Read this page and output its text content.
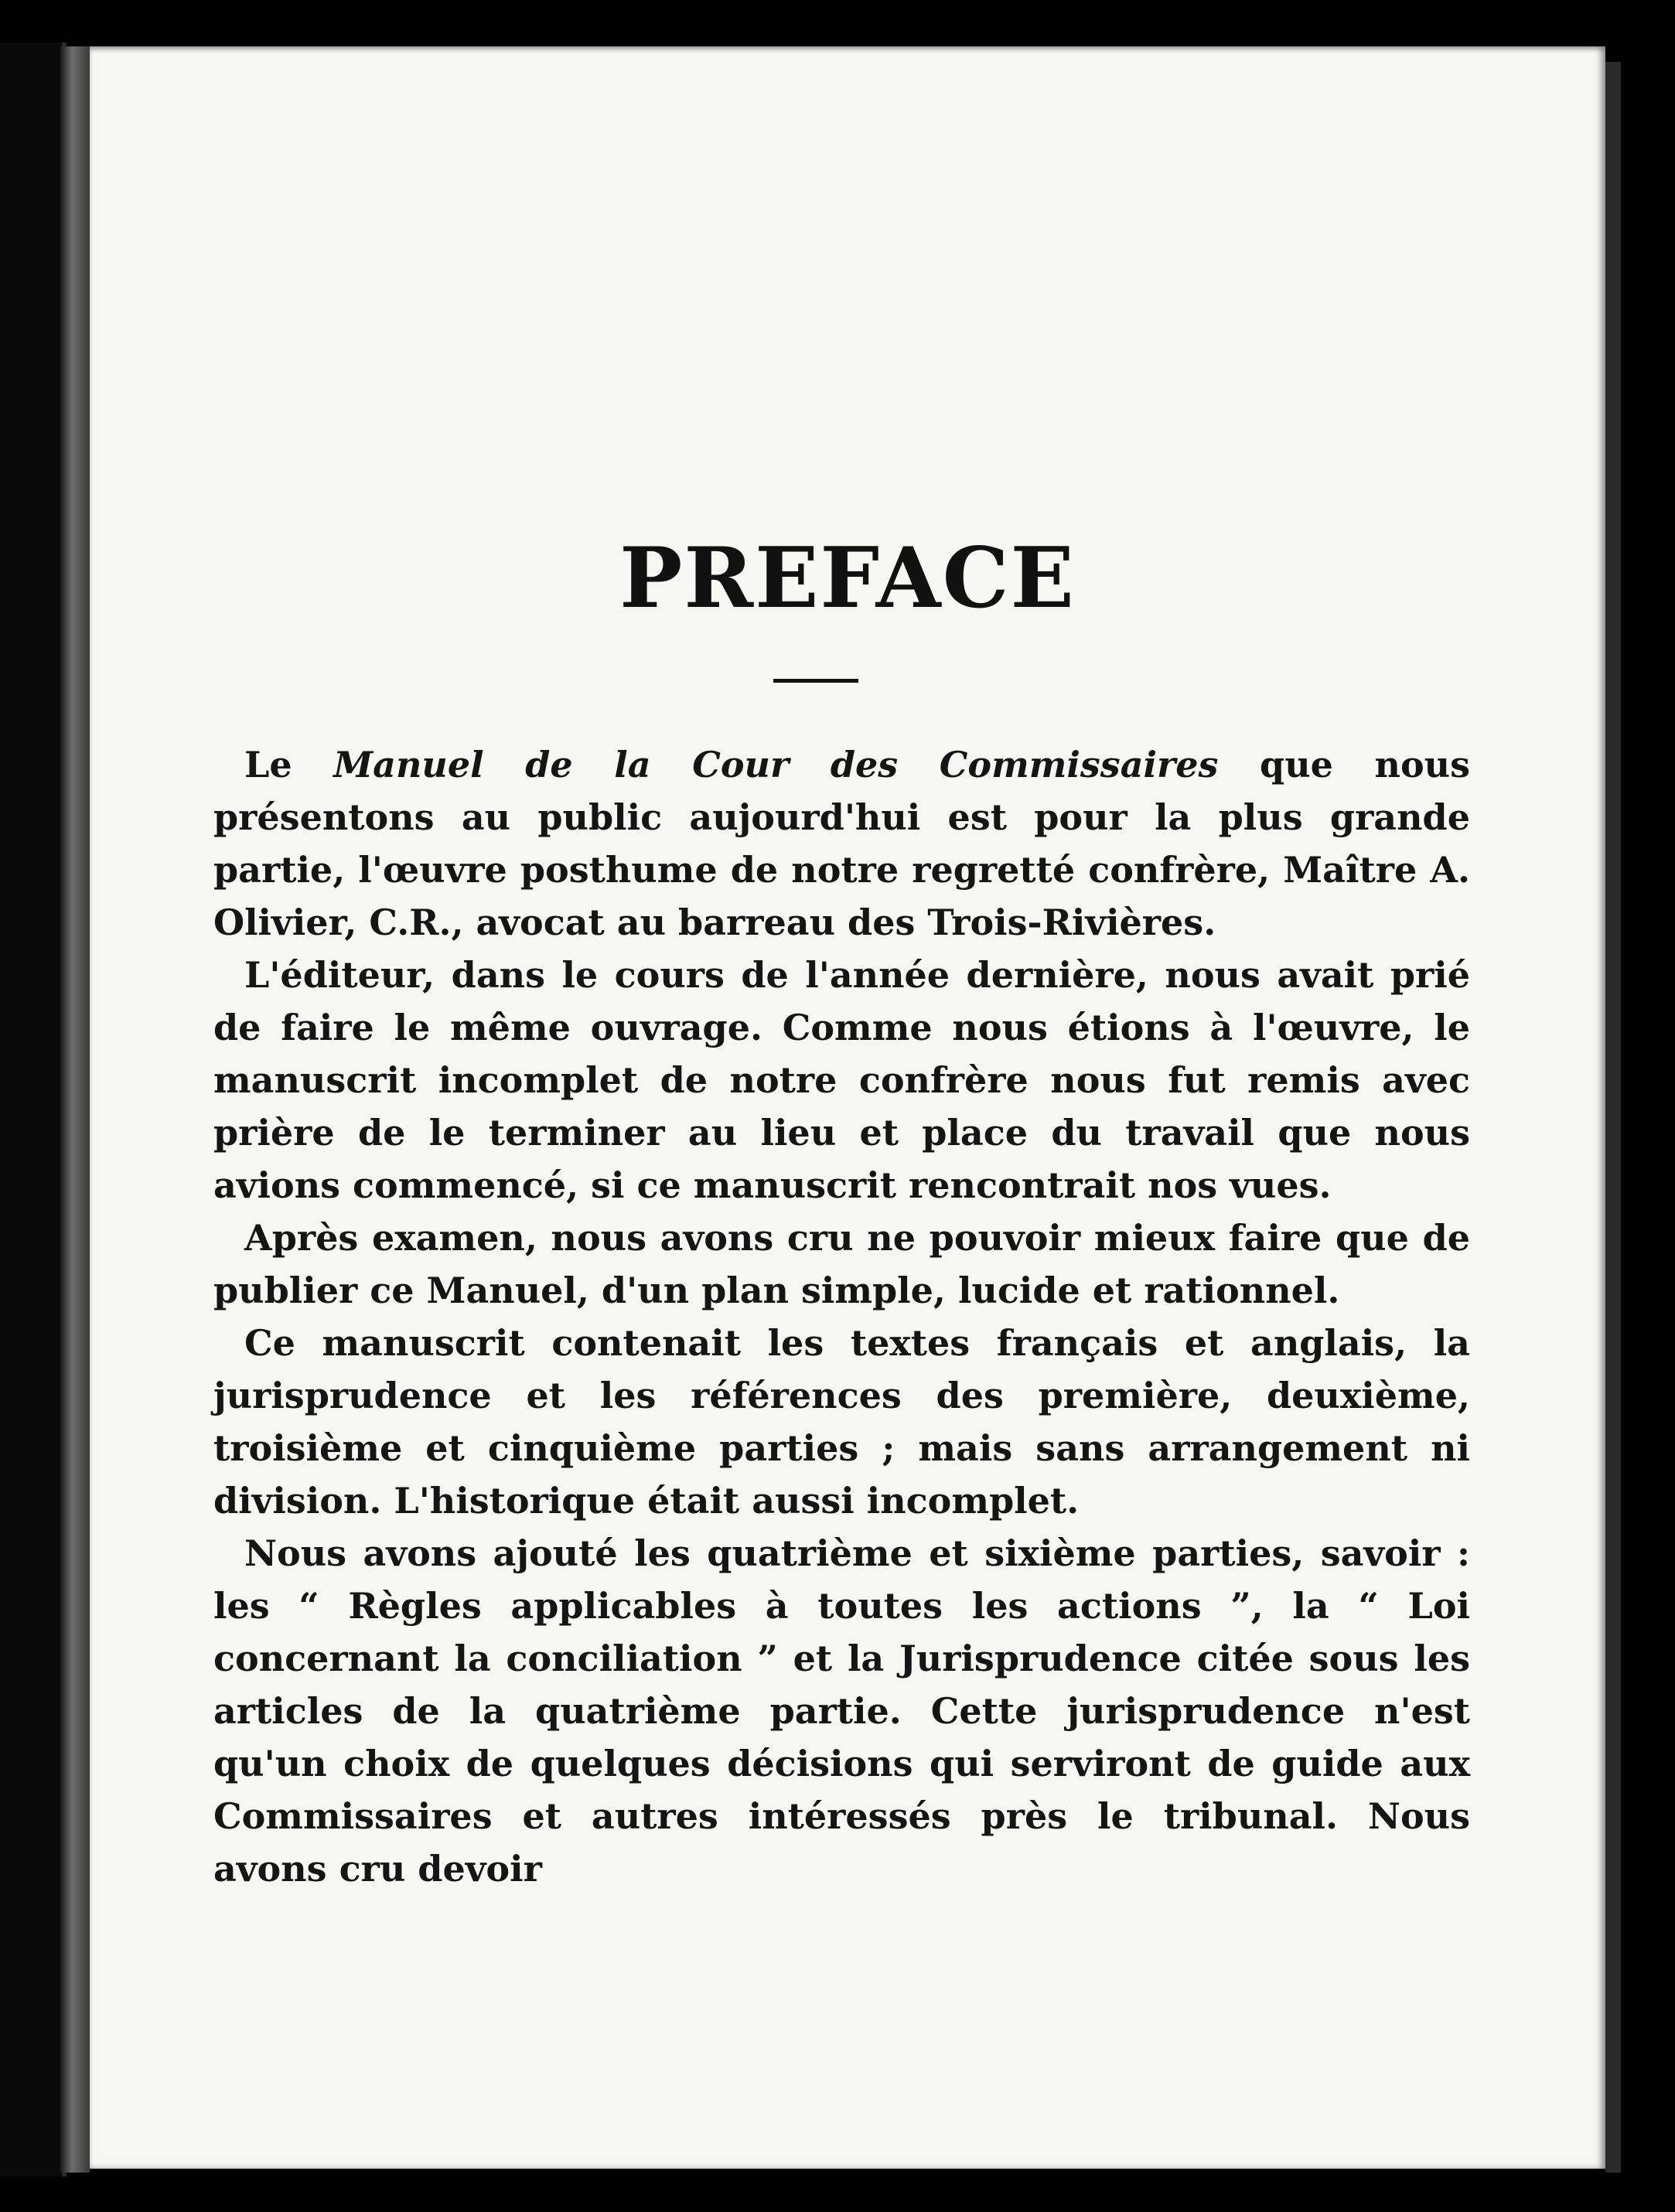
PREFACE

Le Manuel de la Cour des Commissaires que nous présentons au public aujourd'hui est pour la plus grande partie, l'œuvre posthume de notre regretté confrère, Maître A. Olivier, C.R., avocat au barreau des Trois-Rivières.

L'éditeur, dans le cours de l'année dernière, nous avait prié de faire le même ouvrage. Comme nous étions à l'œuvre, le manuscrit incomplet de notre confrère nous fut remis avec prière de le terminer au lieu et place du travail que nous avions commencé, si ce manuscrit rencontrait nos vues.

Après examen, nous avons cru ne pouvoir mieux faire que de publier ce Manuel, d'un plan simple, lucide et rationnel.

Ce manuscrit contenait les textes français et anglais, la jurisprudence et les références des première, deuxième, troisième et cinquième parties ; mais sans arrangement ni division. L'historique était aussi incomplet.

Nous avons ajouté les quatrième et sixième parties, savoir : les “ Règles applicables à toutes les actions ”, la “ Loi concernant la conciliation ” et la Jurisprudence citée sous les articles de la quatrième partie. Cette jurisprudence n'est qu'un choix de quelques décisions qui serviront de guide aux Commissaires et autres intéressés près le tribunal. Nous avons cru devoir
